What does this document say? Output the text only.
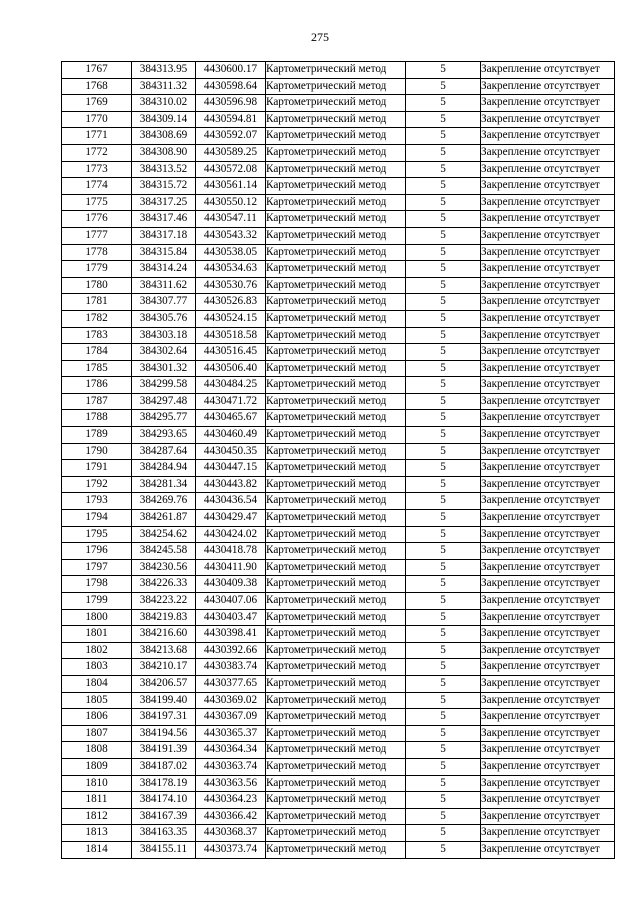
275
1767	384313.95	4430600.17	Картометрический метод	5	Закрепление отсутствует
1768	384311.32	4430598.64	Картометрический метод	5	Закрепление отсутствует
1769	384310.02	4430596.98	Картометрический метод	5	Закрепление отсутствует
1770	384309.14	4430594.81	Картометрический метод	5	Закрепление отсутствует
1771	384308.69	4430592.07	Картометрический метод	5	Закрепление отсутствует
1772	384308.90	4430589.25	Картометрический метод	5	Закрепление отсутствует
1773	384313.52	4430572.08	Картометрический метод	5	Закрепление отсутствует
1774	384315.72	4430561.14	Картометрический метод	5	Закрепление отсутствует
1775	384317.25	4430550.12	Картометрический метод	5	Закрепление отсутствует
1776	384317.46	4430547.11	Картометрический метод	5	Закрепление отсутствует
1777	384317.18	4430543.32	Картометрический метод	5	Закрепление отсутствует
1778	384315.84	4430538.05	Картометрический метод	5	Закрепление отсутствует
1779	384314.24	4430534.63	Картометрический метод	5	Закрепление отсутствует
1780	384311.62	4430530.76	Картометрический метод	5	Закрепление отсутствует
1781	384307.77	4430526.83	Картометрический метод	5	Закрепление отсутствует
1782	384305.76	4430524.15	Картометрический метод	5	Закрепление отсутствует
1783	384303.18	4430518.58	Картометрический метод	5	Закрепление отсутствует
1784	384302.64	4430516.45	Картометрический метод	5	Закрепление отсутствует
1785	384301.32	4430506.40	Картометрический метод	5	Закрепление отсутствует
1786	384299.58	4430484.25	Картометрический метод	5	Закрепление отсутствует
1787	384297.48	4430471.72	Картометрический метод	5	Закрепление отсутствует
1788	384295.77	4430465.67	Картометрический метод	5	Закрепление отсутствует
1789	384293.65	4430460.49	Картометрический метод	5	Закрепление отсутствует
1790	384287.64	4430450.35	Картометрический метод	5	Закрепление отсутствует
1791	384284.94	4430447.15	Картометрический метод	5	Закрепление отсутствует
1792	384281.34	4430443.82	Картометрический метод	5	Закрепление отсутствует
1793	384269.76	4430436.54	Картометрический метод	5	Закрепление отсутствует
1794	384261.87	4430429.47	Картометрический метод	5	Закрепление отсутствует
1795	384254.62	4430424.02	Картометрический метод	5	Закрепление отсутствует
1796	384245.58	4430418.78	Картометрический метод	5	Закрепление отсутствует
1797	384230.56	4430411.90	Картометрический метод	5	Закрепление отсутствует
1798	384226.33	4430409.38	Картометрический метод	5	Закрепление отсутствует
1799	384223.22	4430407.06	Картометрический метод	5	Закрепление отсутствует
1800	384219.83	4430403.47	Картометрический метод	5	Закрепление отсутствует
1801	384216.60	4430398.41	Картометрический метод	5	Закрепление отсутствует
1802	384213.68	4430392.66	Картометрический метод	5	Закрепление отсутствует
1803	384210.17	4430383.74	Картометрический метод	5	Закрепление отсутствует
1804	384206.57	4430377.65	Картометрический метод	5	Закрепление отсутствует
1805	384199.40	4430369.02	Картометрический метод	5	Закрепление отсутствует
1806	384197.31	4430367.09	Картометрический метод	5	Закрепление отсутствует
1807	384194.56	4430365.37	Картометрический метод	5	Закрепление отсутствует
1808	384191.39	4430364.34	Картометрический метод	5	Закрепление отсутствует
1809	384187.02	4430363.74	Картометрический метод	5	Закрепление отсутствует
1810	384178.19	4430363.56	Картометрический метод	5	Закрепление отсутствует
1811	384174.10	4430364.23	Картометрический метод	5	Закрепление отсутствует
1812	384167.39	4430366.42	Картометрический метод	5	Закрепление отсутствует
1813	384163.35	4430368.37	Картометрический метод	5	Закрепление отсутствует
1814	384155.11	4430373.74	Картометрический метод	5	Закрепление отсутствует
